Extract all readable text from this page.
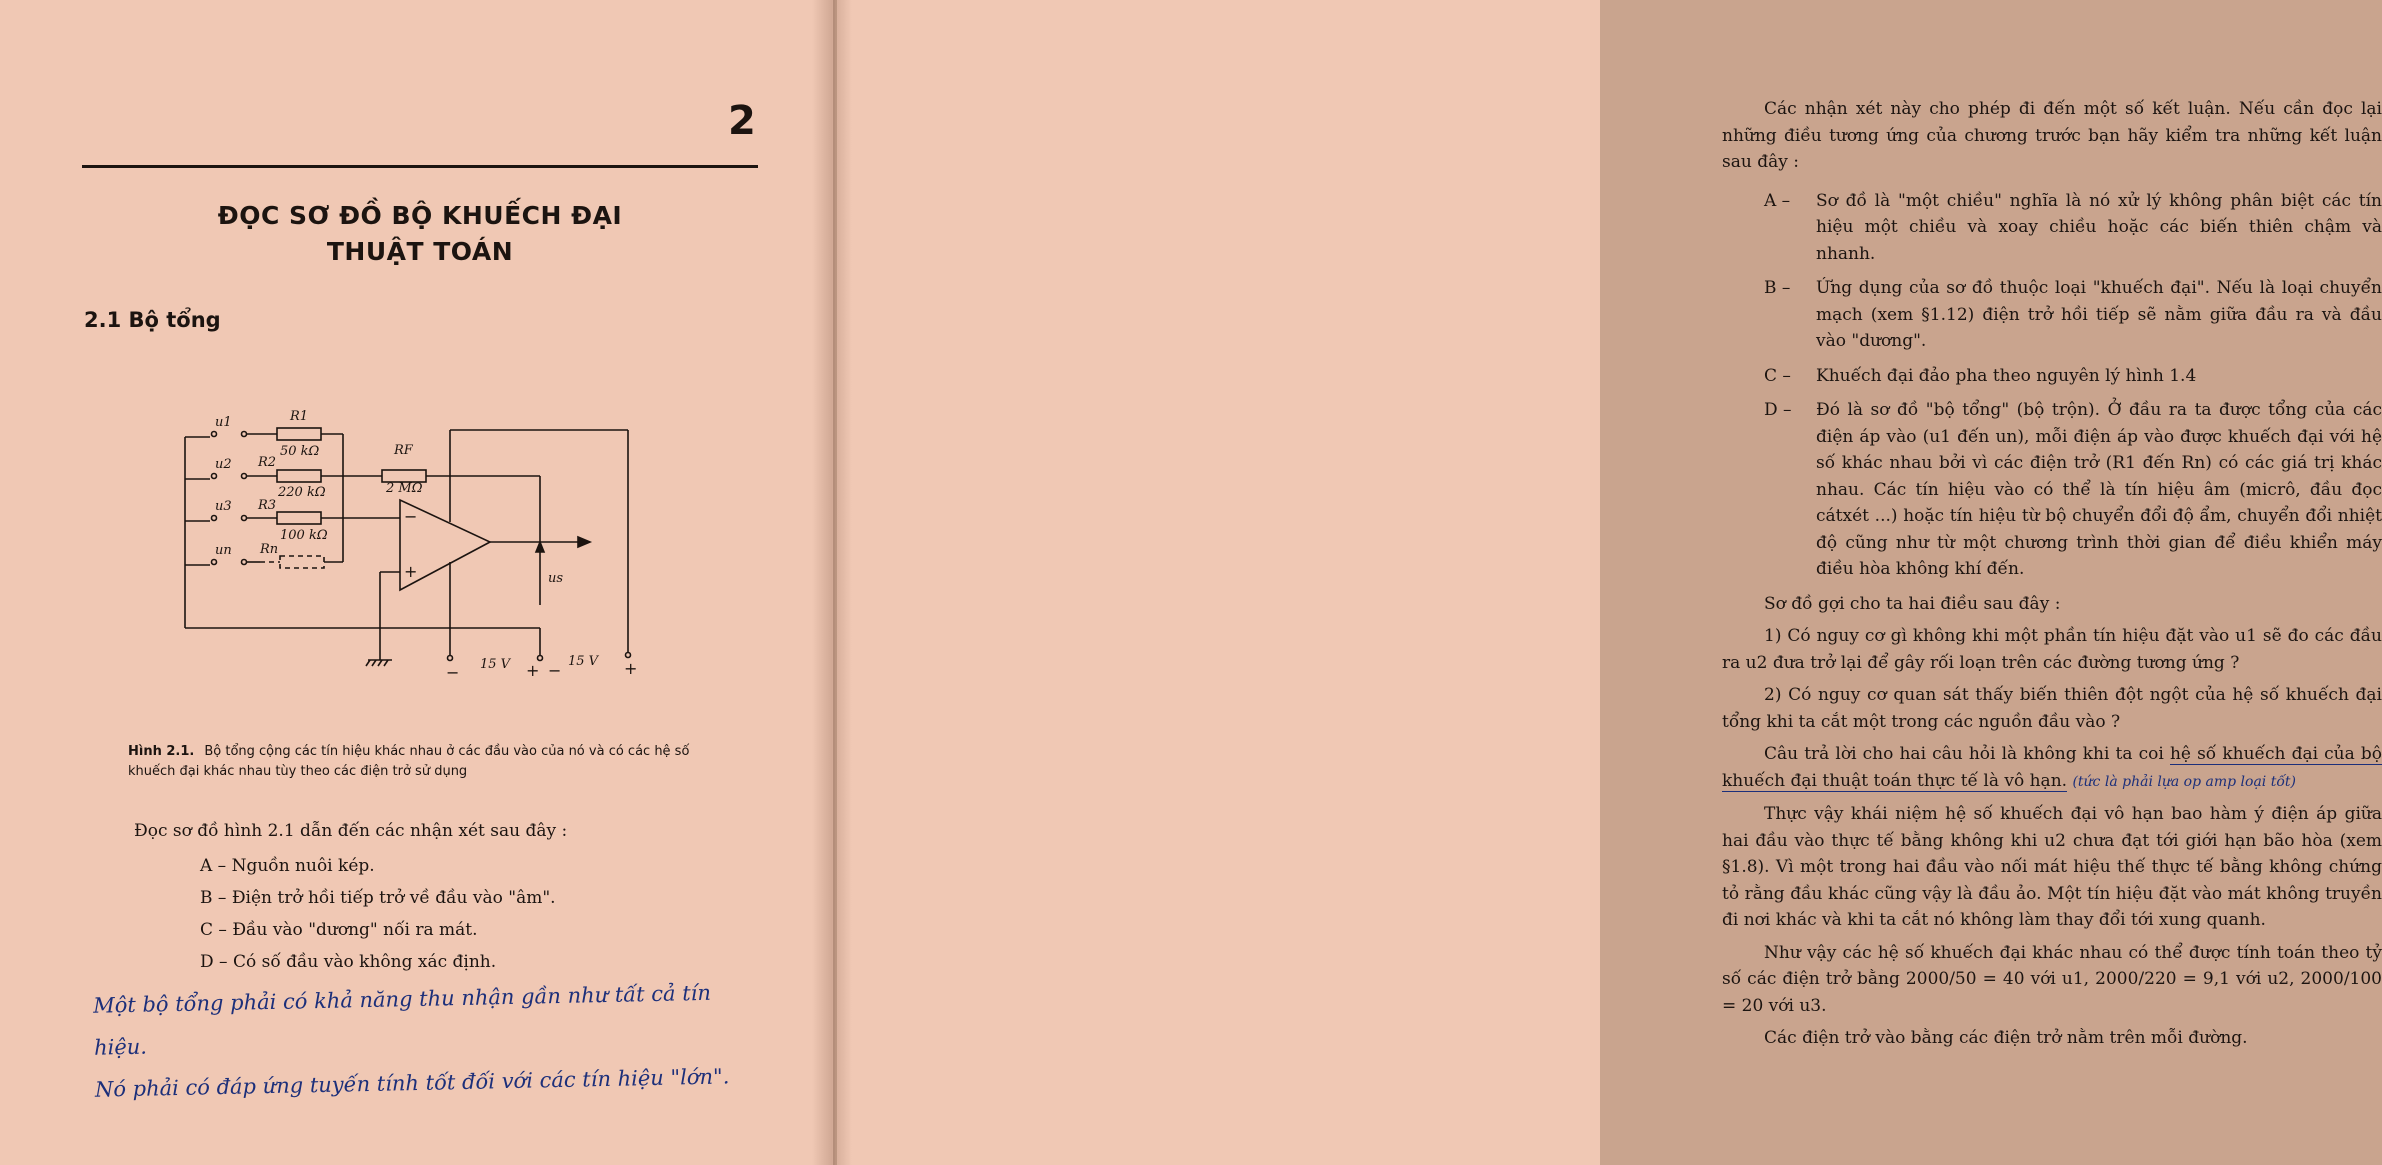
2
ĐỌC SƠ ĐỒ BỘ KHUẾCH ĐẠI
THUẬT TOÁN
2.1 Bộ tổng
u1
u2
u3
un
R1
50 kΩ
R2
220 kΩ
R3
100 kΩ
Rn
RF
2 MΩ
us
15 V	15 V
−
+
−	+ −	+
Hình 2.1. Bộ tổng cộng các tín hiệu khác nhau ở các đầu vào của nó và có các hệ số khuếch đại khác nhau tùy theo các điện trở sử dụng
Đọc sơ đồ hình 2.1 dẫn đến các nhận xét sau đây :
A – Nguồn nuôi kép.
B – Điện trở hồi tiếp trở về đầu vào "âm".
C – Đầu vào "dương" nối ra mát.
D – Có số đầu vào không xác định.
Một bộ tổng phải có khả năng thu nhận gần như tất cả tín hiệu.
Nó phải có đáp ứng tuyến tính tốt đối với các tín hiệu "lớn".

Các nhận xét này cho phép đi đến một số kết luận. Nếu cần đọc lại những điều tương ứng của chương trước bạn hãy kiểm tra những kết luận sau đây :

A –	Sơ đồ là "một chiều" nghĩa là nó xử lý không phân biệt các tín hiệu một chiều và xoay chiều hoặc các biến thiên chậm và nhanh.
B –	Ứng dụng của sơ đồ thuộc loại "khuếch đại". Nếu là loại chuyển mạch (xem §1.12) điện trở hồi tiếp sẽ nằm giữa đầu ra và đầu vào "dương".
C –	Khuếch đại đảo pha theo nguyên lý hình 1.4
D –	Đó là sơ đồ "bộ tổng" (bộ trộn). Ở đầu ra ta được tổng của các điện áp vào (u1 đến un), mỗi điện áp vào được khuếch đại với hệ số khác nhau bởi vì các điện trở (R1 đến Rn) có các giá trị khác nhau. Các tín hiệu vào có thể là tín hiệu âm (micrô, đầu đọc cátxét ...) hoặc tín hiệu từ bộ chuyển đổi độ ẩm, chuyển đổi nhiệt độ cũng như từ một chương trình thời gian để điều khiển máy điều hòa không khí đến.

Sơ đồ gợi cho ta hai điều sau đây :

1) Có nguy cơ gì không khi một phần tín hiệu đặt vào u1 sẽ đo các đầu ra u2 đưa trở lại để gây rối loạn trên các đường tương ứng ?

2) Có nguy cơ quan sát thấy biến thiên đột ngột của hệ số khuếch đại tổng khi ta cắt một trong các nguồn đầu vào ?

Câu trả lời cho hai câu hỏi là không khi ta coi hệ số khuếch đại của bộ khuếch đại thuật toán thực tế là vô hạn. (tức là phải lựa op amp loại tốt)

Thực vậy khái niệm hệ số khuếch đại vô hạn bao hàm ý điện áp giữa hai đầu vào thực tế bằng không khi u2 chưa đạt tới giới hạn bão hòa (xem §1.8). Vì một trong hai đầu vào nối mát hiệu thế thực tế bằng không chứng tỏ rằng đầu khác cũng vậy là đầu ảo. Một tín hiệu đặt vào mát không truyền đi nơi khác và khi ta cắt nó không làm thay đổi tới xung quanh.

Như vậy các hệ số khuếch đại khác nhau có thể được tính toán theo tỷ số các điện trở bằng 2000/50 = 40 với u1, 2000/220 = 9,1 với u2, 2000/100 = 20 với u3.

Các điện trở vào bằng các điện trở nằm trên mỗi đường.
